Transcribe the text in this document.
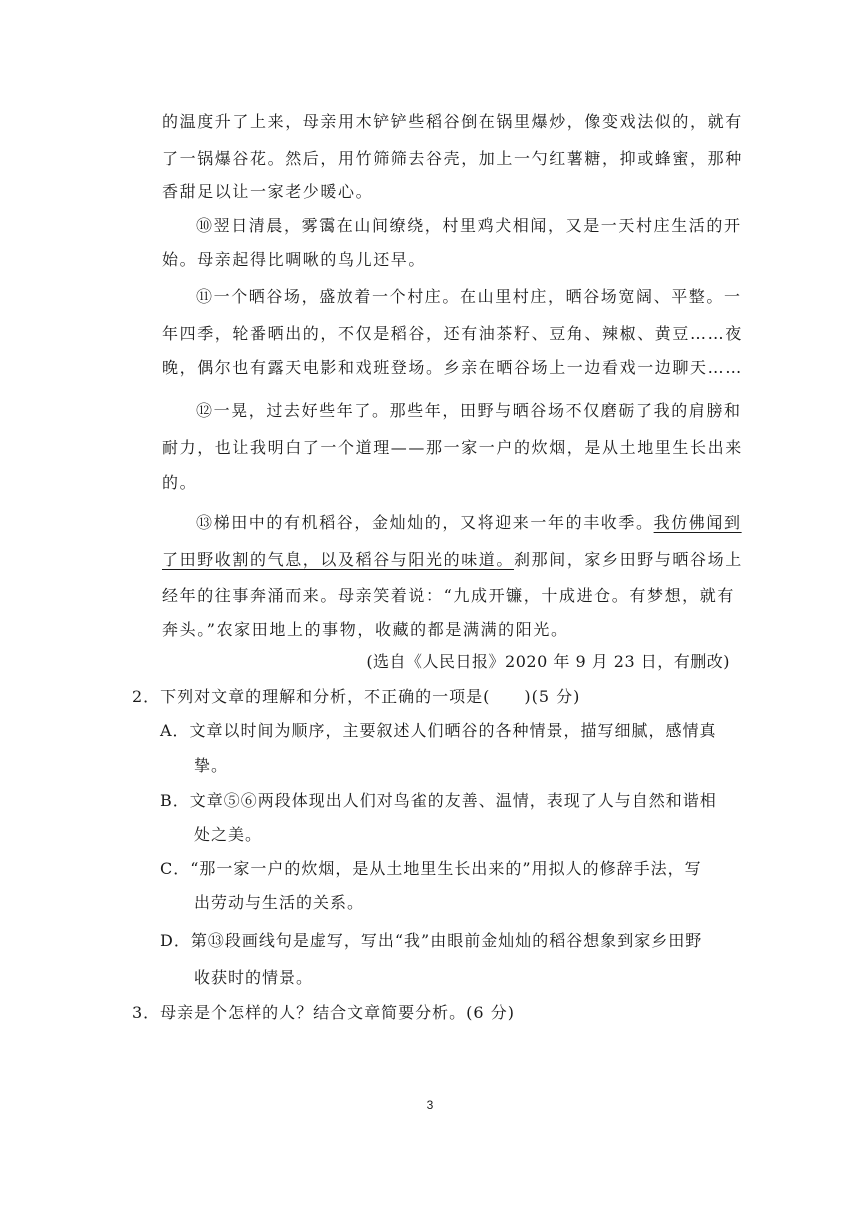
的温度升了上来，母亲用木铲铲些稻谷倒在锅里爆炒，像变戏法似的，就有
了一锅爆谷花。然后，用竹筛筛去谷壳，加上一勺红薯糖，抑或蜂蜜，那种
香甜足以让一家老少暖心。
⑩翌日清晨，雾霭在山间缭绕，村里鸡犬相闻，又是一天村庄生活的开
始。母亲起得比啁啾的鸟儿还早。
⑪一个晒谷场，盛放着一个村庄。在山里村庄，晒谷场宽阔、平整。一
年四季，轮番晒出的，不仅是稻谷，还有油茶籽、豆角、辣椒、黄豆……夜
晚，偶尔也有露天电影和戏班登场。乡亲在晒谷场上一边看戏一边聊天……
⑫一晃，过去好些年了。那些年，田野与晒谷场不仅磨砺了我的肩膀和
耐力，也让我明白了一个道理——那一家一户的炊烟，是从土地里生长出来
的。
⑬梯田中的有机稻谷，金灿灿的，又将迎来一年的丰收季。我仿佛闻到
了田野收割的气息，以及稻谷与阳光的味道。刹那间，家乡田野与晒谷场上
经年的往事奔涌而来。母亲笑着说：“九成开镰，十成进仓。有梦想，就有
奔头。”农家田地上的事物，收藏的都是满满的阳光。
(选自《人民日报》2020 年 9 月 23 日，有删改)
2．下列对文章的理解和分析，不正确的一项是(　　)(5 分)
A．文章以时间为顺序，主要叙述人们晒谷的各种情景，描写细腻，感情真
挚。
B．文章⑤⑥两段体现出人们对鸟雀的友善、温情，表现了人与自然和谐相
处之美。
C．“那一家一户的炊烟，是从土地里生长出来的”用拟人的修辞手法，写
出劳动与生活的关系。
D．第⑬段画线句是虚写，写出“我”由眼前金灿灿的稻谷想象到家乡田野
收获时的情景。
3．母亲是个怎样的人？结合文章简要分析。(6 分)
3
